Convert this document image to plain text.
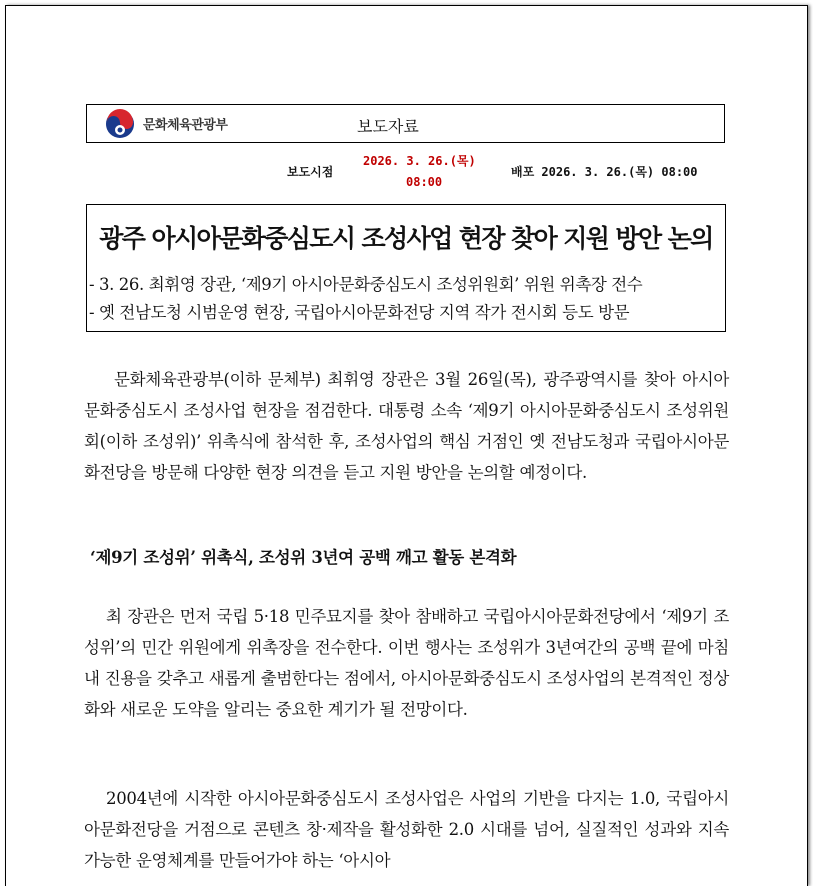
문화체육관광부	보도자료
보도시점
2026. 3. 26.(목)
08:00
배포 2026. 3. 26.(목) 08:00
광주 아시아문화중심도시 조성사업 현장 찾아 지원 방안 논의
- 3. 26. 최휘영 장관, ‘제9기 아시아문화중심도시 조성위원회’ 위원 위촉장 전수
- 옛 전남도청 시범운영 현장, 국립아시아문화전당 지역 작가 전시회 등도 방문
문화체육관광부(이하 문체부) 최휘영 장관은 3월 26일(목), 광주광역시를 찾아 아시아문화중심도시 조성사업 현장을 점검한다. 대통령 소속 ‘제9기 아시아문화중심도시 조성위원회(이하 조성위)’ 위촉식에 참석한 후, 조성사업의 핵심 거점인 옛 전남도청과 국립아시아문화전당을 방문해 다양한 현장 의견을 듣고 지원 방안을 논의할 예정이다.
‘제9기 조성위’ 위촉식, 조성위 3년여 공백 깨고 활동 본격화
최 장관은 먼저 국립 5·18 민주묘지를 찾아 참배하고 국립아시아문화전당에서 ‘제9기 조성위’의 민간 위원에게 위촉장을 전수한다. 이번 행사는 조성위가 3년여간의 공백 끝에 마침내 진용을 갖추고 새롭게 출범한다는 점에서, 아시아문화중심도시 조성사업의 본격적인 정상화와 새로운 도약을 알리는 중요한 계기가 될 전망이다.
2004년에 시작한 아시아문화중심도시 조성사업은 사업의 기반을 다지는 1.0, 국립아시아문화전당을 거점으로 콘텐츠 창·제작을 활성화한 2.0 시대를 넘어, 실질적인 성과와 지속 가능한 운영체계를 만들어가야 하는 ‘아시아
